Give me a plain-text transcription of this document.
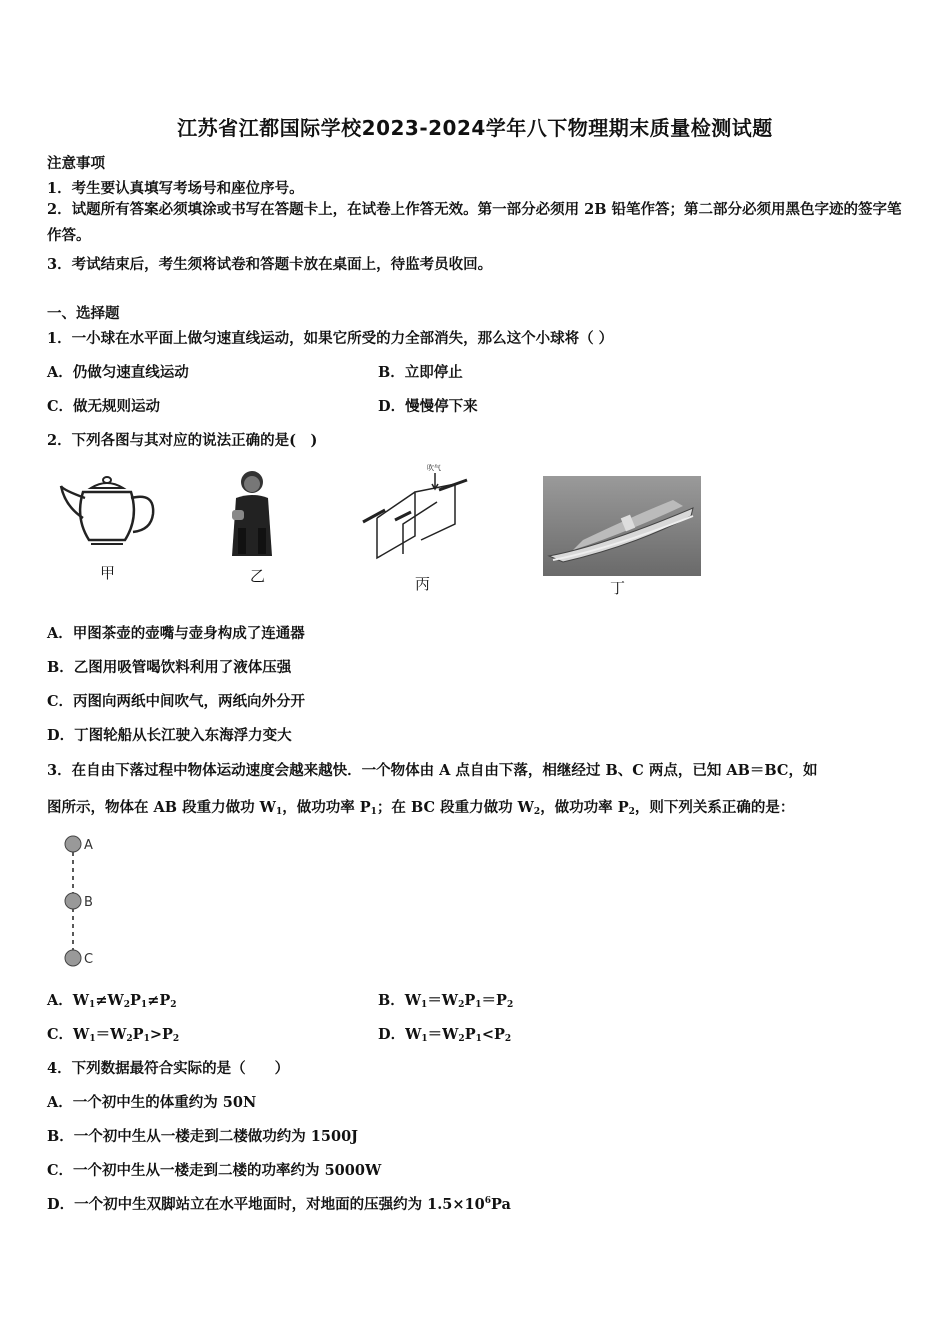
江苏省江都国际学校2023-2024学年八下物理期末质量检测试题
注意事项
1．考生要认真填写考场号和座位序号。
2．试题所有答案必须填涂或书写在答题卡上，在试卷上作答无效。第一部分必须用 2B 铅笔作答；第二部分必须用黑色字迹的签字笔作答。
3．考试结束后，考生须将试卷和答题卡放在桌面上，待监考员收回。
一、选择题
1．一小球在水平面上做匀速直线运动，如果它所受的力全部消失，那么这个小球将（ ）
A．仍做匀速直线运动	B．立即停止
C．做无规则运动	D．慢慢停下来
2．下列各图与其对应的说法正确的是(　)
甲	乙
吹气
丙	丁
A．甲图茶壶的壶嘴与壶身构成了连通器
B．乙图用吸管喝饮料利用了液体压强
C．丙图向两纸中间吹气，两纸向外分开
D．丁图轮船从长江驶入东海浮力变大
3．在自由下落过程中物体运动速度会越来越快．一个物体由 A 点自由下落，相继经过 B、C 两点，已知 AB＝BC，如
图所示，物体在 AB 段重力做功 $W_1$，做功功率 $P_1$；在 BC 段重力做功 $W_2$，做功功率 $P_2$，则下列关系正确的是：
A
B
C
A．$W_1\ne W_2P_1\ne P_2$	B．$W_1=W_2P_1=P_2$
C．$W_1=W_2P_1>P_2$	D．$W_1=W_2P_1<P_2$
4．下列数据最符合实际的是（　　）
A．一个初中生的体重约为 50N
B．一个初中生从一楼走到二楼做功约为 1500J
C．一个初中生从一楼走到二楼的功率约为 5000W
D．一个初中生双脚站立在水平地面时，对地面的压强约为 $1.5\times 10^6Pa$
